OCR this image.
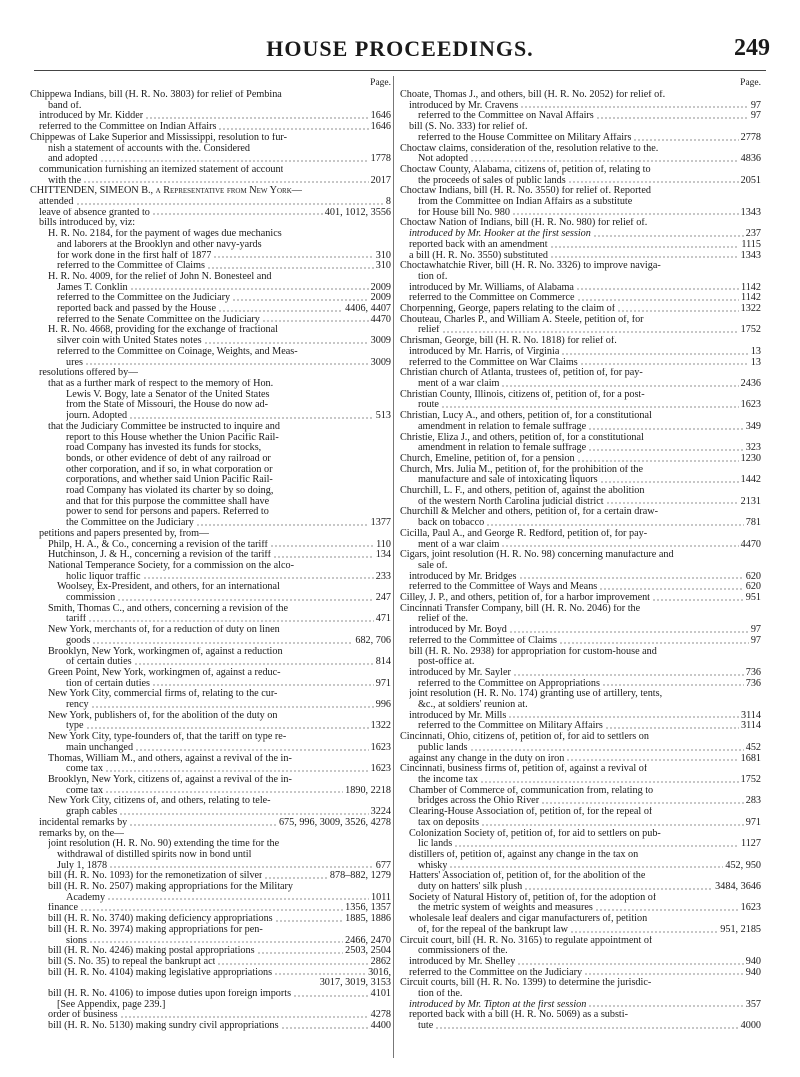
HOUSE PROCEEDINGS.	249
Page.
Chippewa Indians, bill (H. R. No. 3803) for relief of Pembina
band of.
introduced by Mr. Kidder	1646
referred to the Committee on Indian Affairs	1646
Chippewas of Lake Superior and Mississippi, resolution to fur-
nish a statement of accounts with the. Considered
and adopted	1778
communication furnishing an itemized statement of account
with the	2017
CHITTENDEN, SIMEON B., a Representative from New York—
attended	8
leave of absence granted to	401, 1012, 3556
bills introduced by, viz:
H. R. No. 2184, for the payment of wages due mechanics
and laborers at the Brooklyn and other navy-yards
for work done in the first half of 1877	310
referred to the Committee of Claims	310
H. R. No. 4009, for the relief of John N. Bonesteel and
James T. Conklin	2009
referred to the Committee on the Judiciary	2009
reported back and passed by the House	4406, 4407
referred to the Senate Committee on the Judiciary	4470
H. R. No. 4668, providing for the exchange of fractional
silver coin with United States notes	3009
referred to the Committee on Coinage, Weights, and Meas-
ures	3009
resolutions offered by—
that as a further mark of respect to the memory of Hon.
Lewis V. Bogy, late a Senator of the United States
from the State of Missouri, the House do now ad-
journ. Adopted	513
that the Judiciary Committee be instructed to inquire and
report to this House whether the Union Pacific Rail-
road Company has invested its funds for stocks,
bonds, or other evidence of debt of any railroad or
other corporation, and if so, in what corporation or
corporations, and whether said Union Pacific Rail-
road Company has violated its charter by so doing,
and that for this purpose the committee shall have
power to send for persons and papers. Referred to
the Committee on the Judiciary	1377
petitions and papers presented by, from—
Philp, H. A., & Co., concerning a revision of the tariff	110
Hutchinson, J. & H., concerning a revision of the tariff	134
National Temperance Society, for a commission on the alco-
holic liquor traffic	233
Woolsey, Ex-President, and others, for an international
commission	247
Smith, Thomas C., and others, concerning a revision of the
tariff	471
New York, merchants of, for a reduction of duty on linen
goods	682, 706
Brooklyn, New York, workingmen of, against a reduction
of certain duties	814
Green Point, New York, workingmen of, against a reduc-
tion of certain duties	971
New York City, commercial firms of, relating to the cur-
rency	996
New York, publishers of, for the abolition of the duty on
type	1322
New York City, type-founders of, that the tariff on type re-
main unchanged	1623
Thomas, William M., and others, against a revival of the in-
come tax	1623
Brooklyn, New York, citizens of, against a revival of the in-
come tax	1890, 2218
New York City, citizens of, and others, relating to tele-
graph cables	3224
incidental remarks by	675, 996, 3009, 3526, 4278
remarks by, on the—
joint resolution (H. R. No. 90) extending the time for the
withdrawal of distilled spirits now in bond until
July 1, 1878	677
bill (H. R. No. 1093) for the remonetization of silver	878–882, 1279
bill (H. R. No. 2507) making appropriations for the Military
Academy	1011
finance	1356, 1357
bill (H. R. No. 3740) making deficiency appropriations	1885, 1886
bill (H. R. No. 3974) making appropriations for pen-
sions	2466, 2470
bill (H. R. No. 4246) making postal appropriations	2503, 2504
bill (S. No. 35) to repeal the bankrupt act	2862
bill (H. R. No. 4104) making legislative appropriations	3016,
3017, 3019, 3153
bill (H. R. No. 4106) to impose duties upon foreign imports	4101
[See Appendix, page 239.]
order of business	4278
bill (H. R. No. 5130) making sundry civil appropriations	4400
Page.
Choate, Thomas J., and others, bill (H. R. No. 2052) for relief of.
introduced by Mr. Cravens	97
referred to the Committee on Naval Affairs	97
bill (S. No. 333) for relief of.
referred to the House Committee on Military Affairs	2778
Choctaw claims, consideration of the, resolution relative to the.
Not adopted	4836
Choctaw County, Alabama, citizens of, petition of, relating to
the proceeds of sales of public lands	2051
Choctaw Indians, bill (H. R. No. 3550) for relief of. Reported
from the Committee on Indian Affairs as a substitute
for House bill No. 980	1343
Choctaw Nation of Indians, bill (H. R. No. 980) for relief of.
introduced by Mr. Hooker at the first session	237
reported back with an amendment	1115
a bill (H. R. No. 3550) substituted	1343
Choctawhatchie River, bill (H. R. No. 3326) to improve naviga-
tion of.
introduced by Mr. Williams, of Alabama	1142
referred to the Committee on Commerce	1142
Chorpenning, George, papers relating to the claim of	1322
Chouteau, Charles P., and William A. Steele, petition of, for
relief	1752
Chrisman, George, bill (H. R. No. 1818) for relief of.
introduced by Mr. Harris, of Virginia	13
referred to the Committee on War Claims	13
Christian church of Atlanta, trustees of, petition of, for pay-
ment of a war claim	2436
Christian County, Illinois, citizens of, petition of, for a post-
route	1623
Christian, Lucy A., and others, petition of, for a constitutional
amendment in relation to female suffrage	349
Christie, Eliza J., and others, petition of, for a constitutional
amendment in relation to female suffrage	323
Church, Emeline, petition of, for a pension	1230
Church, Mrs. Julia M., petition of, for the prohibition of the
manufacture and sale of intoxicating liquors	1442
Churchill, L. F., and others, petition of, against the abolition
of the western North Carolina judicial district	2131
Churchill & Melcher and others, petition of, for a certain draw-
back on tobacco	781
Cicilla, Paul A., and George R. Redford, petition of, for pay-
ment of a war claim	4470
Cigars, joint resolution (H. R. No. 98) concerning manufacture and
sale of.
introduced by Mr. Bridges	620
referred to the Committee of Ways and Means	620
Cilley, J. P., and others, petition of, for a harbor improvement	951
Cincinnati Transfer Company, bill (H. R. No. 2046) for the
relief of the.
introduced by Mr. Boyd	97
referred to the Committee of Claims	97
bill (H. R. No. 2938) for appropriation for custom-house and
post-office at.
introduced by Mr. Sayler	736
referred to the Committee on Appropriations	736
joint resolution (H. R. No. 174) granting use of artillery, tents,
&c., at soldiers' reunion at.
introduced by Mr. Mills	3114
referred to the Committee on Military Affairs	3114
Cincinnati, Ohio, citizens of, petition of, for aid to settlers on
public lands	452
against any change in the duty on iron	1681
Cincinnati, business firms of, petition of, against a revival of
the income tax	1752
Chamber of Commerce of, communication from, relating to
bridges across the Ohio River	283
Clearing-House Association of, petition of, for the repeal of
tax on deposits	971
Colonization Society of, petition of, for aid to settlers on pub-
lic lands	1127
distillers of, petition of, against any change in the tax on
whisky	452, 950
Hatters' Association of, petition of, for the abolition of the
duty on hatters' silk plush	3484, 3646
Society of Natural History of, petition of, for the adoption of
the metric system of weights and measures	1623
wholesale leaf dealers and cigar manufacturers of, petition
of, for the repeal of the bankrupt law	951, 2185
Circuit court, bill (H. R. No. 3165) to regulate appointment of
commissioners of the.
introduced by Mr. Shelley	940
referred to the Committee on the Judiciary	940
Circuit courts, bill (H. R. No. 1399) to determine the jurisdic-
tion of the.
introduced by Mr. Tipton at the first session	357
reported back with a bill (H. R. No. 5069) as a substi-
tute	4000
